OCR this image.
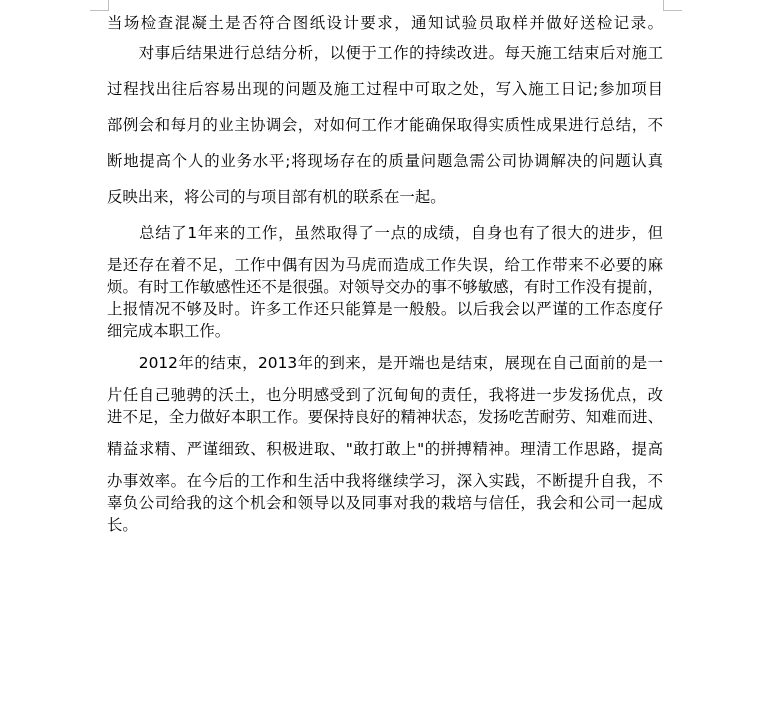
当场检查混凝土是否符合图纸设计要求，通知试验员取样并做好送检记录。
　　对事后结果进行总结分析，以便于工作的持续改进。每天施工结束后对施工
过程找出往后容易出现的问题及施工过程中可取之处，写入施工日记;参加项目
部例会和每月的业主协调会，对如何工作才能确保取得实质性成果进行总结，不
断地提高个人的业务水平;将现场存在的质量问题急需公司协调解决的问题认真
反映出来，将公司的与项目部有机的联系在一起。
　　总结了1年来的工作，虽然取得了一点的成绩，自身也有了很大的进步，但
是还存在着不足，工作中偶有因为马虎而造成工作失误，给工作带来不必要的麻
烦。有时工作敏感性还不是很强。对领导交办的事不够敏感，有时工作没有提前，
上报情况不够及时。许多工作还只能算是一般般。以后我会以严谨的工作态度仔
细完成本职工作。
　　2012年的结束，2013年的到来，是开端也是结束，展现在自己面前的是一
片任自己驰骋的沃土，也分明感受到了沉甸甸的责任，我将进一步发扬优点，改
进不足，全力做好本职工作。要保持良好的精神状态，发扬吃苦耐劳、知难而进、
精益求精、严谨细致、积极进取、"敢打敢上"的拼搏精神。理清工作思路，提高
办事效率。在今后的工作和生活中我将继续学习，深入实践，不断提升自我，不
辜负公司给我的这个机会和领导以及同事对我的栽培与信任，我会和公司一起成
长。
